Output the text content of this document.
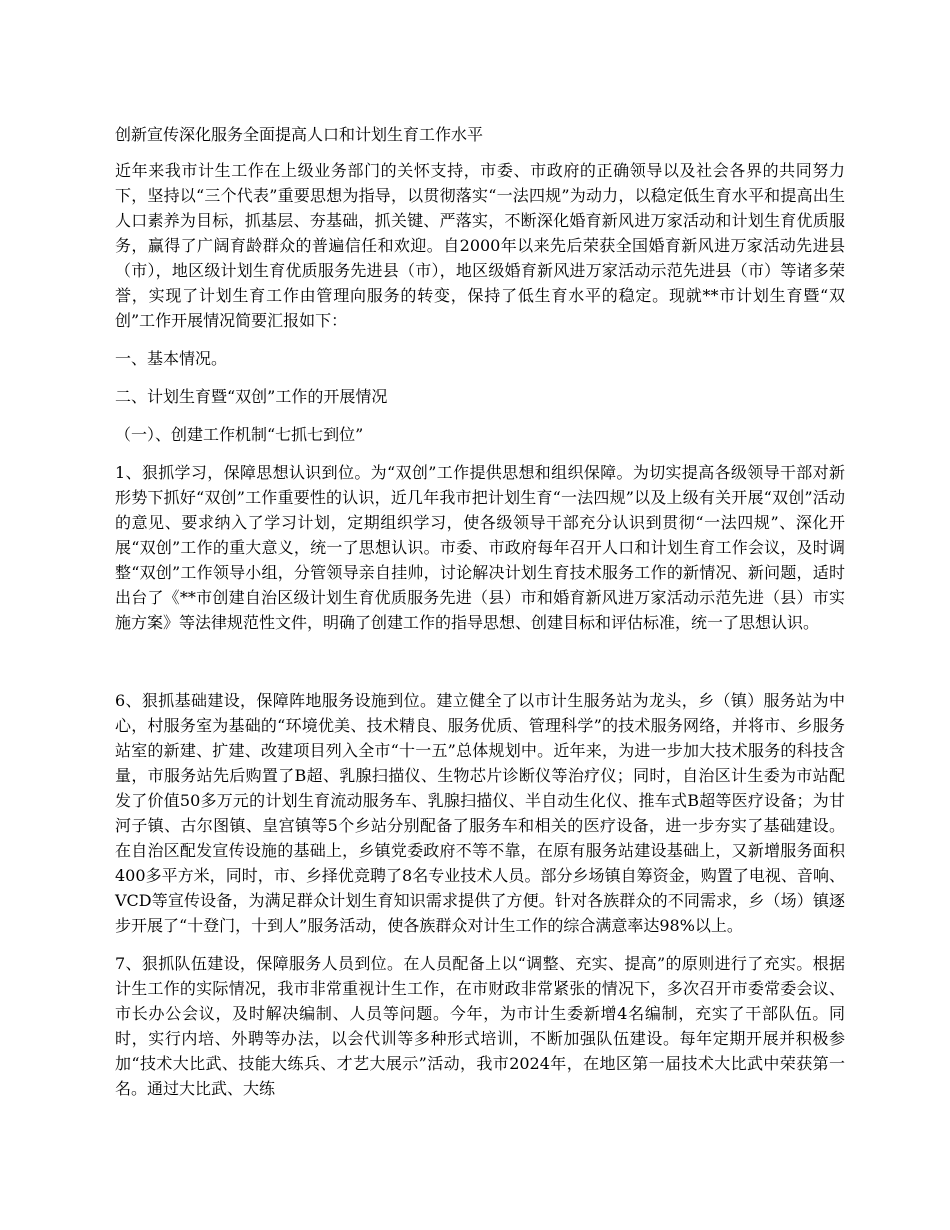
创新宣传深化服务全面提高人口和计划生育工作水平

近年来我市计生工作在上级业务部门的关怀支持，市委、市政府的正确领导以及社会各界的共同努力下，坚持以“三个代表”重要思想为指导，以贯彻落实“一法四规”为动力，以稳定低生育水平和提高出生人口素养为目标，抓基层、夯基础，抓关键、严落实，不断深化婚育新风进万家活动和计划生育优质服务，赢得了广阔育龄群众的普遍信任和欢迎。自2000年以来先后荣获全国婚育新风进万家活动先进县（市），地区级计划生育优质服务先进县（市），地区级婚育新风进万家活动示范先进县（市）等诸多荣誉，实现了计划生育工作由管理向服务的转变，保持了低生育水平的稳定。现就**市计划生育暨“双创”工作开展情况简要汇报如下：

一、基本情况。

二、计划生育暨“双创”工作的开展情况

（一）、创建工作机制“七抓七到位”

1、狠抓学习，保障思想认识到位。为“双创”工作提供思想和组织保障。为切实提高各级领导干部对新形势下抓好“双创”工作重要性的认识，近几年我市把计划生育“一法四规”以及上级有关开展“双创”活动的意见、要求纳入了学习计划，定期组织学习，使各级领导干部充分认识到贯彻“一法四规”、深化开展“双创”工作的重大意义，统一了思想认识。市委、市政府每年召开人口和计划生育工作会议，及时调整“双创”工作领导小组，分管领导亲自挂帅，讨论解决计划生育技术服务工作的新情况、新问题，适时出台了《**市创建自治区级计划生育优质服务先进（县）市和婚育新风进万家活动示范先进（县）市实施方案》等法律规范性文件，明确了创建工作的指导思想、创建目标和评估标准，统一了思想认识。

6、狠抓基础建设，保障阵地服务设施到位。建立健全了以市计生服务站为龙头，乡（镇）服务站为中心，村服务室为基础的“环境优美、技术精良、服务优质、管理科学”的技术服务网络，并将市、乡服务站室的新建、扩建、改建项目列入全市“十一五”总体规划中。近年来，为进一步加大技术服务的科技含量，市服务站先后购置了B超、乳腺扫描仪、生物芯片诊断仪等治疗仪；同时，自治区计生委为市站配发了价值50多万元的计划生育流动服务车、乳腺扫描仪、半自动生化仪、推车式B超等医疗设备；为甘河子镇、古尔图镇、皇宫镇等5个乡站分别配备了服务车和相关的医疗设备，进一步夯实了基础建设。在自治区配发宣传设施的基础上，乡镇党委政府不等不靠，在原有服务站建设基础上，又新增服务面积400多平方米，同时，市、乡择优竞聘了8名专业技术人员。部分乡场镇自筹资金，购置了电视、音响、VCD等宣传设备，为满足群众计划生育知识需求提供了方便。针对各族群众的不同需求，乡（场）镇逐步开展了“十登门，十到人”服务活动，使各族群众对计生工作的综合满意率达98%以上。

7、狠抓队伍建设，保障服务人员到位。在人员配备上以“调整、充实、提高”的原则进行了充实。根据计生工作的实际情况，我市非常重视计生工作，在市财政非常紧张的情况下，多次召开市委常委会议、市长办公会议，及时解决编制、人员等问题。今年，为市计生委新增4名编制，充实了干部队伍。同时，实行内培、外聘等办法，以会代训等多种形式培训，不断加强队伍建设。每年定期开展并积极参加“技术大比武、技能大练兵、才艺大展示”活动，我市2024年，在地区第一届技术大比武中荣获第一名。通过大比武、大练
